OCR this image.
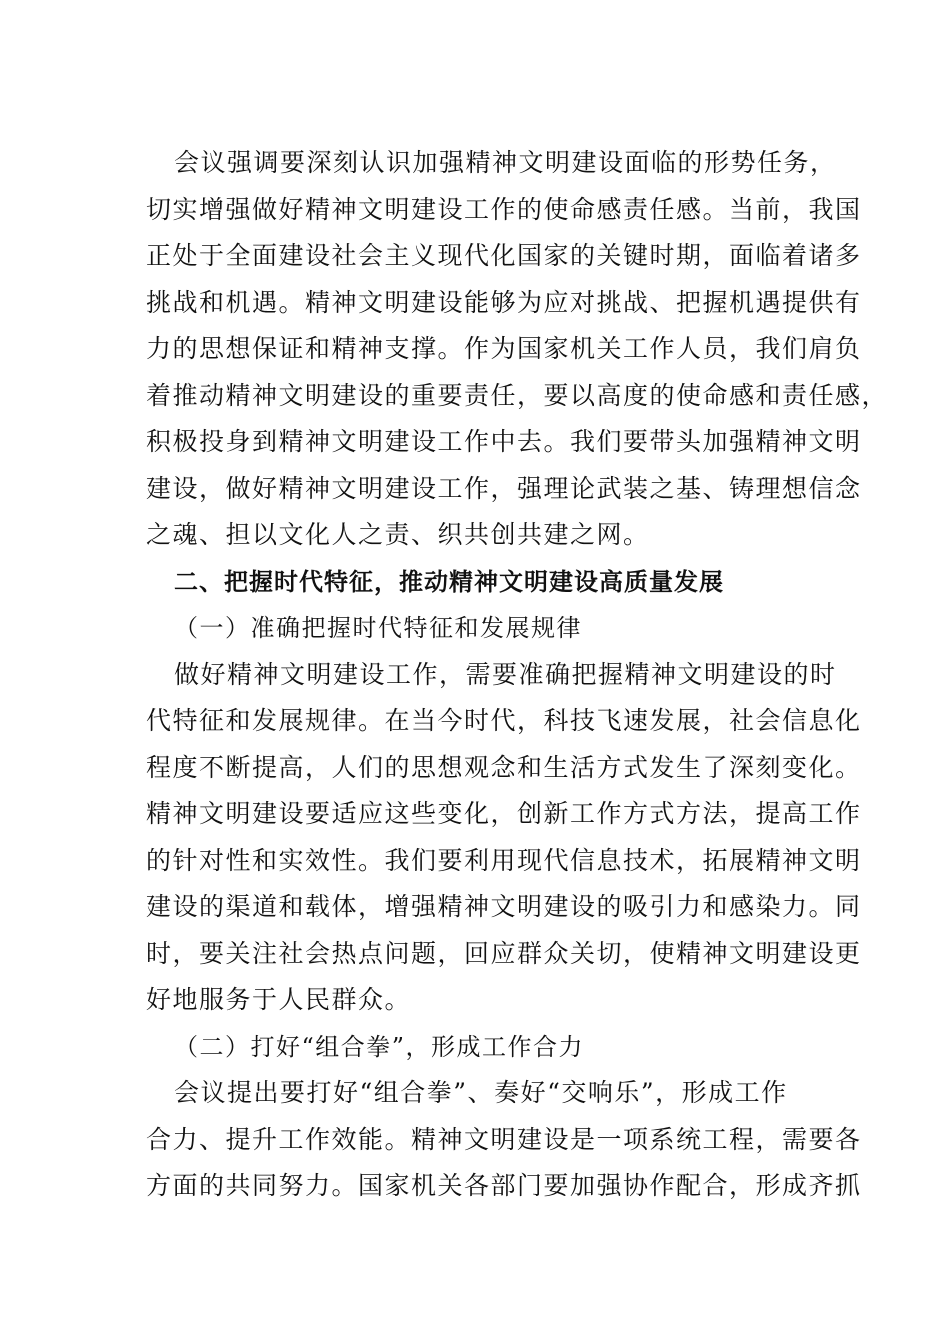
会议强调要深刻认识加强精神文明建设面临的形势任务，
切实增强做好精神文明建设工作的使命感责任感。当前，我国
正处于全面建设社会主义现代化国家的关键时期，面临着诸多
挑战和机遇。精神文明建设能够为应对挑战、把握机遇提供有
力的思想保证和精神支撑。作为国家机关工作人员，我们肩负
着推动精神文明建设的重要责任，要以高度的使命感和责任感，
积极投身到精神文明建设工作中去。我们要带头加强精神文明
建设，做好精神文明建设工作，强理论武装之基、铸理想信念
之魂、担以文化人之责、织共创共建之网。
二、把握时代特征，推动精神文明建设高质量发展
（一）准确把握时代特征和发展规律
做好精神文明建设工作，需要准确把握精神文明建设的时
代特征和发展规律。在当今时代，科技飞速发展，社会信息化
程度不断提高，人们的思想观念和生活方式发生了深刻变化。
精神文明建设要适应这些变化，创新工作方式方法，提高工作
的针对性和实效性。我们要利用现代信息技术，拓展精神文明
建设的渠道和载体，增强精神文明建设的吸引力和感染力。同
时，要关注社会热点问题，回应群众关切，使精神文明建设更
好地服务于人民群众。
（二）打好“组合拳”，形成工作合力
会议提出要打好“组合拳”、奏好“交响乐”，形成工作
合力、提升工作效能。精神文明建设是一项系统工程，需要各
方面的共同努力。国家机关各部门要加强协作配合，形成齐抓
